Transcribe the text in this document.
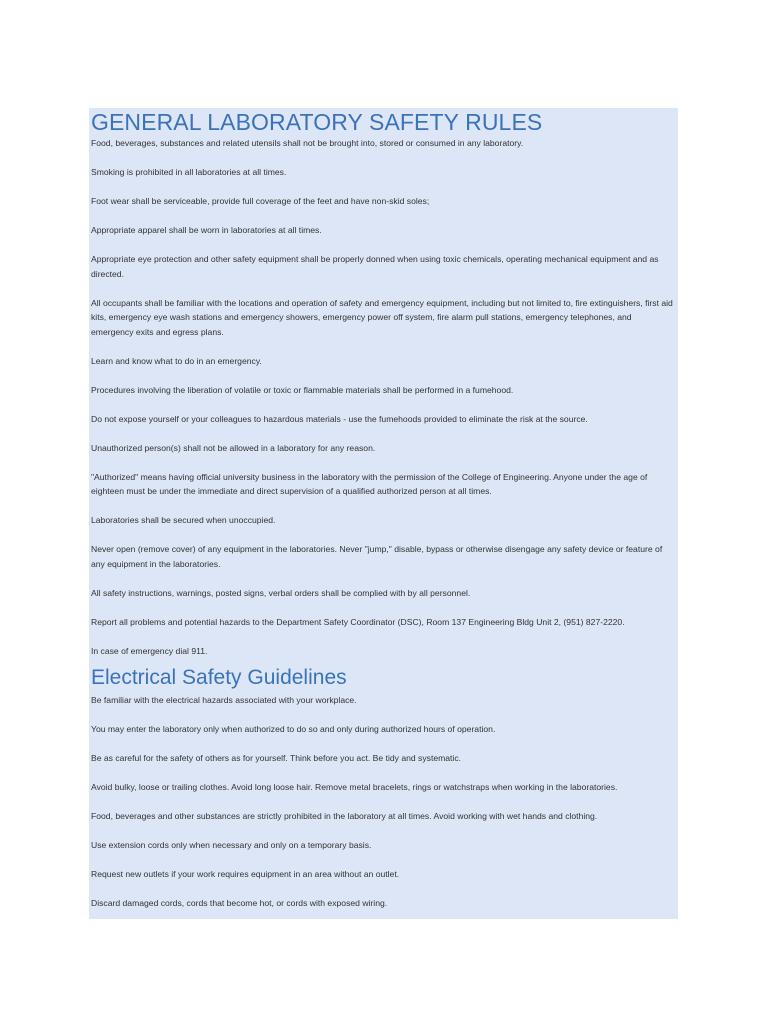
GENERAL LABORATORY SAFETY RULES

Food, beverages, substances and related utensils shall not be brought into, stored or consumed in any laboratory.

Smoking is prohibited in all laboratories at all times.

Foot wear shall be serviceable, provide full coverage of the feet and have non-skid soles;

Appropriate apparel shall be worn in laboratories at all times.

Appropriate eye protection and other safety equipment shall be properly donned when using toxic chemicals, operating mechanical equipment and as directed.

All occupants shall be familiar with the locations and operation of safety and emergency equipment, including but not limited to, fire extinguishers, first aid kits, emergency eye wash stations and emergency showers, emergency power off system, fire alarm pull stations, emergency telephones, and emergency exits and egress plans.

Learn and know what to do in an emergency.

Procedures involving the liberation of volatile or toxic or flammable materials shall be performed in a fumehood.

Do not expose yourself or your colleagues to hazardous materials - use the fumehoods provided to eliminate the risk at the source.

Unauthorized person(s) shall not be allowed in a laboratory for any reason.

"Authorized" means having official university business in the laboratory with the permission of the College of Engineering. Anyone under the age of eighteen must be under the immediate and direct supervision of a qualified authorized person at all times.

Laboratories shall be secured when unoccupied.

Never open (remove cover) of any equipment in the laboratories. Never "jump," disable, bypass or otherwise disengage any safety device or feature of any equipment in the laboratories.

All safety instructions, warnings, posted signs, verbal orders shall be complied with by all personnel.

Report all problems and potential hazards to the Department Safety Coordinator (DSC), Room 137 Engineering Bldg Unit 2, (951) 827-2220.

In case of emergency dial 911.

Electrical Safety Guidelines

Be familiar with the electrical hazards associated with your workplace.

You may enter the laboratory only when authorized to do so and only during authorized hours of operation.

Be as careful for the safety of others as for yourself. Think before you act. Be tidy and systematic.

Avoid bulky, loose or trailing clothes. Avoid long loose hair. Remove metal bracelets, rings or watchstraps when working in the laboratories.

Food, beverages and other substances are strictly prohibited in the laboratory at all times. Avoid working with wet hands and clothing.

Use extension cords only when necessary and only on a temporary basis.

Request new outlets if your work requires equipment in an area without an outlet.

Discard damaged cords, cords that become hot, or cords with exposed wiring.
